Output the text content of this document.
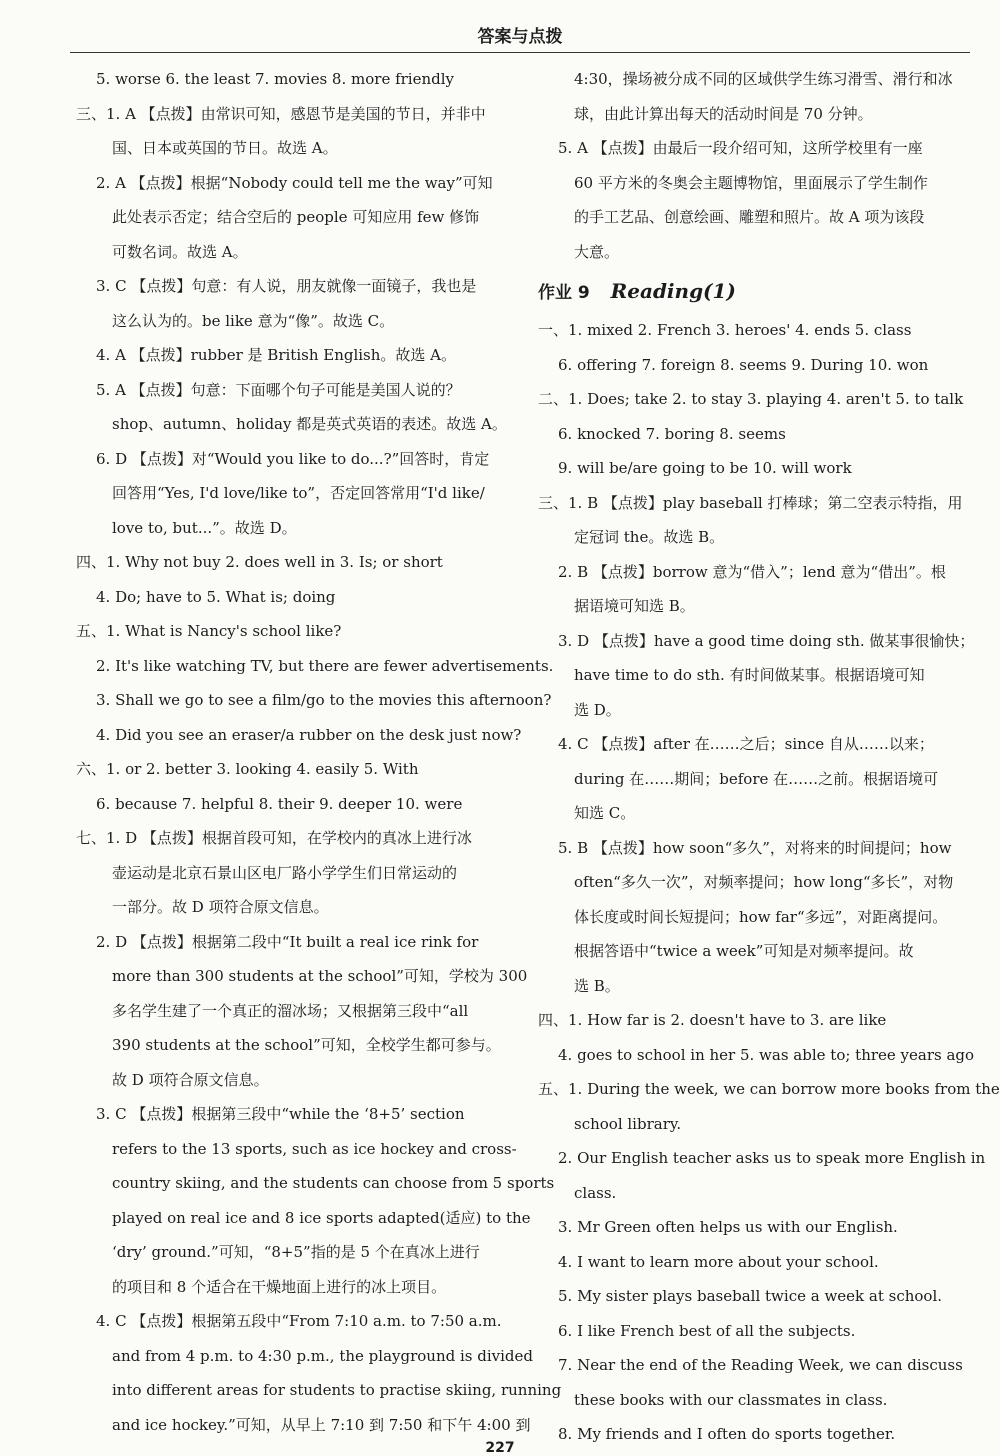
答案与点拨
5. worse 6. the least 7. movies 8. more friendly
三、1. A 【点拨】由常识可知，感恩节是美国的节日，并非中
国、日本或英国的节日。故选 A。
2. A 【点拨】根据“Nobody could tell me the way”可知
此处表示否定；结合空后的 people 可知应用 few 修饰
可数名词。故选 A。
3. C 【点拨】句意：有人说，朋友就像一面镜子，我也是
这么认为的。be like 意为“像”。故选 C。
4. A 【点拨】rubber 是 British English。故选 A。
5. A 【点拨】句意：下面哪个句子可能是美国人说的？
shop、autumn、holiday 都是英式英语的表述。故选 A。
6. D 【点拨】对“Would you like to do...?”回答时，肯定
回答用“Yes, I'd love/like to”，否定回答常用“I'd like/
love to, but...”。故选 D。
四、1. Why not buy 2. does well in 3. Is; or short
4. Do; have to 5. What is; doing
五、1. What is Nancy's school like?
2. It's like watching TV, but there are fewer advertisements.
3. Shall we go to see a film/go to the movies this afternoon?
4. Did you see an eraser/a rubber on the desk just now?
六、1. or 2. better 3. looking 4. easily 5. With
6. because 7. helpful 8. their 9. deeper 10. were
七、1. D 【点拨】根据首段可知，在学校内的真冰上进行冰
壶运动是北京石景山区电厂路小学学生们日常运动的
一部分。故 D 项符合原文信息。
2. D 【点拨】根据第二段中“It built a real ice rink for
more than 300 students at the school”可知，学校为 300
多名学生建了一个真正的溜冰场；又根据第三段中“all
390 students at the school”可知，全校学生都可参与。
故 D 项符合原文信息。
3. C 【点拨】根据第三段中“while the ‘8+5’ section
refers to the 13 sports, such as ice hockey and cross-
country skiing, and the students can choose from 5 sports
played on real ice and 8 ice sports adapted(适应) to the
‘dry’ ground.”可知，“8+5”指的是 5 个在真冰上进行
的项目和 8 个适合在干燥地面上进行的冰上项目。
4. C 【点拨】根据第五段中“From 7:10 a.m. to 7:50 a.m.
and from 4 p.m. to 4:30 p.m., the playground is divided
into different areas for students to practise skiing, running
and ice hockey.”可知，从早上 7:10 到 7:50 和下午 4:00 到
4:30，操场被分成不同的区域供学生练习滑雪、滑行和冰
球，由此计算出每天的活动时间是 70 分钟。
5. A 【点拨】由最后一段介绍可知，这所学校里有一座
60 平方米的冬奥会主题博物馆，里面展示了学生制作
的手工艺品、创意绘画、雕塑和照片。故 A 项为该段
大意。
作业 9 Reading(1)
一、1. mixed 2. French 3. heroes' 4. ends 5. class
6. offering 7. foreign 8. seems 9. During 10. won
二、1. Does; take 2. to stay 3. playing 4. aren't 5. to talk
6. knocked 7. boring 8. seems
9. will be/are going to be 10. will work
三、1. B 【点拨】play baseball 打棒球；第二空表示特指，用
定冠词 the。故选 B。
2. B 【点拨】borrow 意为“借入”；lend 意为“借出”。根
据语境可知选 B。
3. D 【点拨】have a good time doing sth. 做某事很愉快；
have time to do sth. 有时间做某事。根据语境可知
选 D。
4. C 【点拨】after 在……之后；since 自从……以来；
during 在……期间；before 在……之前。根据语境可
知选 C。
5. B 【点拨】how soon“多久”，对将来的时间提问；how
often“多久一次”，对频率提问；how long“多长”，对物
体长度或时间长短提问；how far“多远”，对距离提问。
根据答语中“twice a week”可知是对频率提问。故
选 B。
四、1. How far is 2. doesn't have to 3. are like
4. goes to school in her 5. was able to; three years ago
五、1. During the week, we can borrow more books from the
school library.
2. Our English teacher asks us to speak more English in
class.
3. Mr Green often helps us with our English.
4. I want to learn more about your school.
5. My sister plays baseball twice a week at school.
6. I like French best of all the subjects.
7. Near the end of the Reading Week, we can discuss
these books with our classmates in class.
8. My friends and I often do sports together.
227
